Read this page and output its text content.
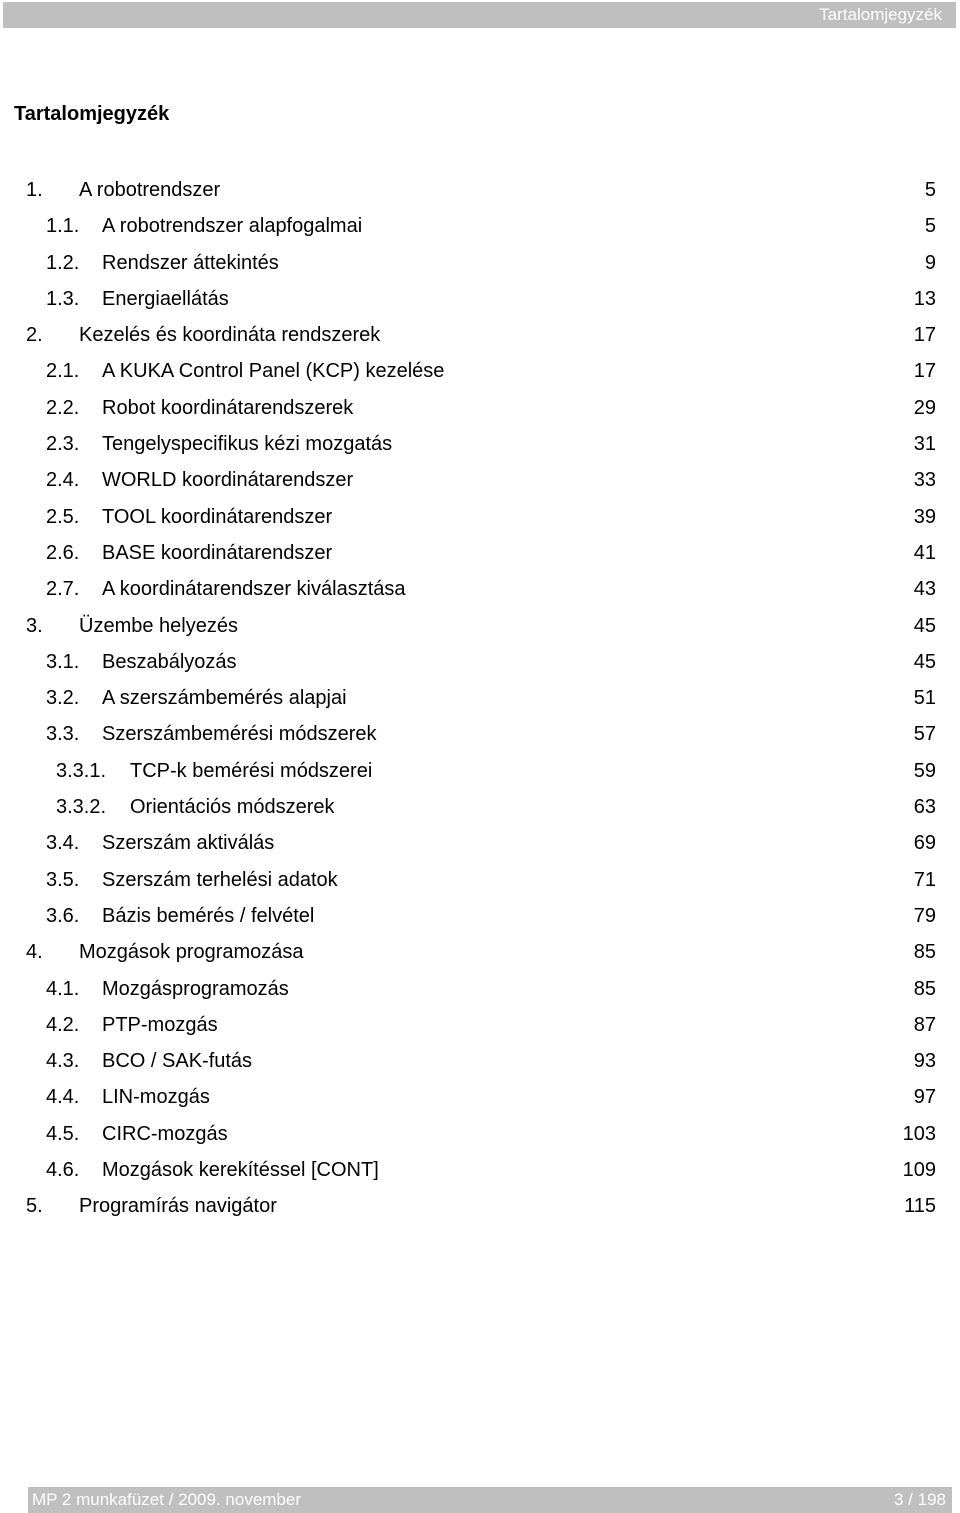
Tartalomjegyzék
Tartalomjegyzék
1. A robotrendszer	5
1.1. A robotrendszer alapfogalmai	5
1.2. Rendszer áttekintés	9
1.3. Energiaellátás	13
2. Kezelés és koordináta rendszerek	17
2.1. A KUKA Control Panel (KCP) kezelése	17
2.2. Robot koordinátarendszerek	29
2.3. Tengelyspecifikus kézi mozgatás	31
2.4. WORLD koordinátarendszer	33
2.5. TOOL koordinátarendszer	39
2.6. BASE koordinátarendszer	41
2.7. A koordinátarendszer kiválasztása	43
3. Üzembe helyezés	45
3.1. Beszabályozás	45
3.2. A szerszámbemérés alapjai	51
3.3. Szerszámbemérési módszerek	57
3.3.1. TCP-k bemérési módszerei	59
3.3.2. Orientációs módszerek	63
3.4. Szerszám aktiválás	69
3.5. Szerszám terhelési adatok	71
3.6. Bázis bemérés / felvétel	79
4. Mozgások programozása	85
4.1. Mozgásprogramozás	85
4.2. PTP-mozgás	87
4.3. BCO / SAK-futás	93
4.4. LIN-mozgás	97
4.5. CIRC-mozgás	103
4.6. Mozgások kerekítéssel [CONT]	109
5. Programírás navigátor	115
MP 2 munkafüzet / 2009. november	3 / 198
